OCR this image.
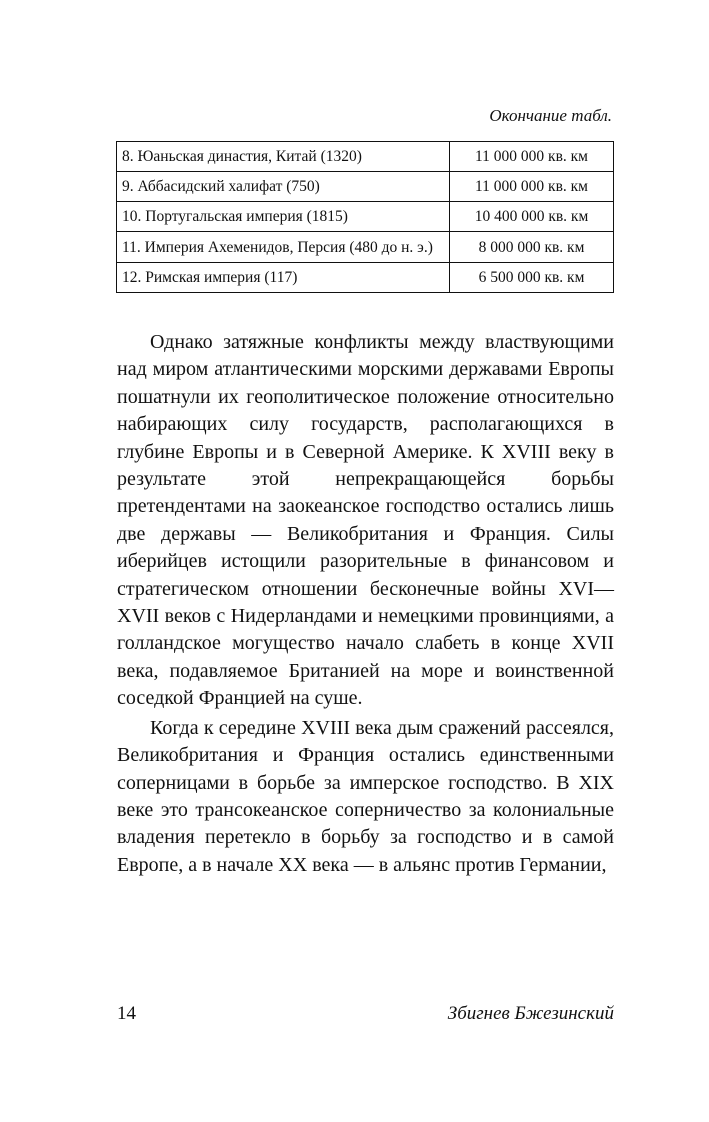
Окончание табл.
8. Юаньская династия, Китай (1320)	11 000 000 кв. км
9. Аббасидский халифат (750)	11 000 000 кв. км
10. Португальская империя (1815)	10 400 000 кв. км
11. Империя Ахеменидов, Персия (480 до н. э.)	8 000 000 кв. км
12. Римская империя (117)	6 500 000 кв. км

Однако затяжные конфликты между властвующими над миром атлантическими морскими державами Европы пошатнули их геополитическое положение относительно набирающих силу государств, располагающихся в глубине Европы и в Северной Америке. К XVIII веку в результате этой непрекращающейся борьбы претендентами на заокеанское господство остались лишь две державы — Великобритания и Франция. Силы иберийцев истощили разорительные в финансовом и стратегическом отношении бесконечные войны XVI—XVII веков с Нидерландами и немецкими провинциями, а голландское могущество начало слабеть в конце XVII века, подавляемое Британией на море и воинственной соседкой Францией на суше.

Когда к середине XVIII века дым сражений рассеялся, Великобритания и Франция остались единственными соперницами в борьбе за имперское господство. В XIX веке это трансокеанское соперничество за колониальные владения перетекло в борьбу за господство и в самой Европе, а в начале XX века — в альянс против Германии,

14	Збигнев Бжезинский
